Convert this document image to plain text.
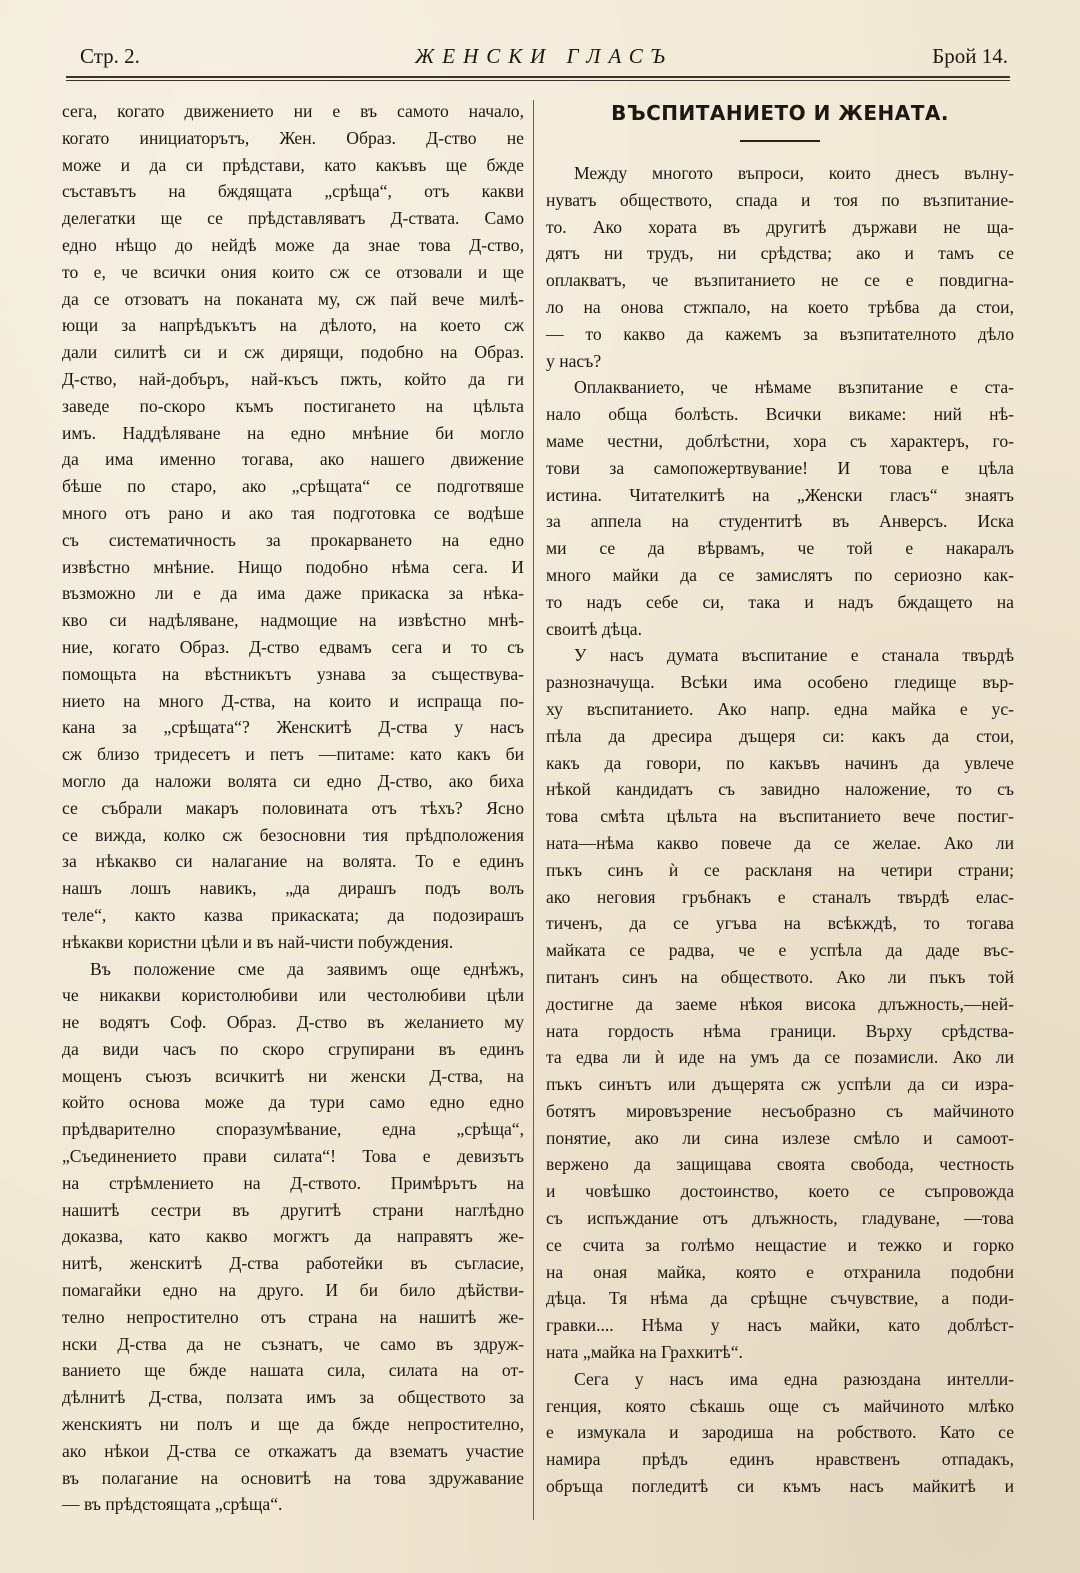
Стр. 2.	ЖЕНСКИ ГЛАСЪ	Брой 14.
сега, когато движението ни е въ самото начало,
когато инициаторътъ, Жен. Образ. Д-ство не
може и да си прѣдстави, като какъвъ ще бжде
съставътъ на бждящата „срѣща“, отъ какви
делегатки ще се прѣдставляватъ Д-ствата. Само
едно нѣщо до нейдѣ може да знае това Д-ство,
то е, че всички ония които сж се отзовали и ще
да се отзоватъ на поканата му, сж пай вече милѣ-
ющи за напрѣдъкътъ на дѣлото, на което сж
дали силитѣ си и сж дирящи, подобно на Образ.
Д-ство, най-добъръ, най-късъ пжть, който да ги
заведе по-скоро къмъ постигането на цѣльта
имъ. Наддѣляване на едно мнѣние би могло
да има именно тогава, ако нашего движение
бѣше по старо, ако „срѣщата“ се подготвяше
много отъ рано и ако тая подготовка се водѣше
съ систематичность за прокарването на едно
извѣстно мнѣние. Нищо подобно нѣма сега. И
възможно ли е да има даже прикаска за нѣка-
кво си надѣляване, надмощие на извѣстно мнѣ-
ние, когато Образ. Д-ство едвамъ сега и то съ
помощьта на вѣстникътъ узнава за съществува-
нието на много Д-ства, на които и испраща по-
кана за „срѣщата“? Женскитѣ Д-ства у насъ
сж близо тридесетъ и петъ —питаме: като какъ би
могло да наложи волята си едно Д-ство, ако биха
се събрали макаръ половината отъ тѣхъ? Ясно
се вижда, колко сж безосновни тия прѣдположения
за нѣкакво си налагание на волята. То е единъ
нашъ лошъ навикъ, „да дирашъ подъ волъ
теле“, както казва прикаската; да подозирашъ
нѣкакви користни цѣли и въ най-чисти побуждения.
Въ положение сме да заявимъ още еднѣжъ,
че никакви користолюбиви или честолюбиви цѣли
не водятъ Соф. Образ. Д-ство въ желанието му
да види часъ по скоро сгрупирани въ единъ
мощенъ съюзъ всичкитѣ ни женски Д-ства, на
който основа може да тури само едно едно
прѣдварително споразумѣвание, една „срѣща“,
„Съединението прави силата“! Това е девизътъ
на стрѣмлението на Д-ството. Примѣрътъ на
нашитѣ сестри въ другитѣ страни наглѣдно
доказва, като какво могжтъ да направятъ же-
нитѣ, женскитѣ Д-ства работейки въ съгласие,
помагайки едно на друго. И би било дѣйстви-
телно непростително отъ страна на нашитѣ же-
нски Д-ства да не съзнатъ, че само въ здруж-
ванието ще бжде нашата сила, силата на от-
дѣлнитѣ Д-ства, ползата имъ за обществото за
женскиятъ ни полъ и ще да бжде непростително,
ако нѣкои Д-ства се откажатъ да взематъ участие
въ полагание на основитѣ на това здружавание
— въ прѣдстоящата „срѣща“.
ВЪСПИТАНИЕТО И ЖЕНАТА.
Между многото въпроси, които днесъ вълну-
нуватъ обществото, спада и тоя по възпитание-
то. Ако хората въ другитѣ държави не ща-
дятъ ни трудъ, ни срѣдства; ако и тамъ се
оплакватъ, че възпитанието не се е повдигна-
ло на онова стжпало, на което трѣбва да стои,
— то какво да кажемъ за възпитателното дѣло
у насъ?
Оплакванието, че нѣмаме възпитание е ста-
нало обща болѣсть. Всички викаме: ний нѣ-
маме честни, доблѣстни, хора съ характеръ, го-
тови за самопожертвувание! И това е цѣла
истина. Читателкитѣ на „Женски гласъ“ знаятъ
за аппела на студентитѣ въ Анверсъ. Иска
ми се да вѣрвамъ, че той е накаралъ
много майки да се замислятъ по сериозно как-
то надъ себе си, така и надъ бждащето на
своитѣ дѣца.
У насъ думата въспитание е станала твърдѣ
разнозначуща. Всѣки има особено гледище вър-
ху въспитанието. Ако напр. една майка е ус-
пѣла да дресира дъщеря си: какъ да стои,
какъ да говори, по какъвъ начинъ да увлече
нѣкой кандидатъ съ завидно наложение, то съ
това смѣта цѣльта на въспитанието вече постиг-
ната—нѣма какво повече да се желае. Ако ли
пъкъ синъ ѝ се раскланя на четири страни;
ако неговия гръбнакъ е станалъ твърдѣ елас-
тиченъ, да се угъва на всѣкждѣ, то тогава
майката се радва, че е успѣла да даде въс-
питанъ синъ на обществото. Ако ли пъкъ той
достигне да заеме нѣкоя висока длъжность,—ней-
ната гордость нѣма граници. Върху срѣдства-
та едва ли ѝ иде на умъ да се позамисли. Ако ли
пъкъ синътъ или дъщерята сж успѣли да си изра-
ботятъ мировъзрение несъобразно съ майчиното
понятие, ако ли сина излезе смѣло и самоот-
вержено да защищава своята свобода, честность
и човѣшко достоинство, което се съпровожда
съ испъждание отъ длъжность, гладуване, —това
се счита за голѣмо нещастие и тежко и горко
на оная майка, която е отхранила подобни
дѣца. Тя нѣма да срѣщне съчувствие, а поди-
гравки.... Нѣма у насъ майки, като доблѣст-
ната „майка на Грахкитѣ“.
Сега у насъ има една разюздана интелли-
генция, която сѣкашь още съ майчиното млѣко
е измукала и зародиша на робството. Като се
намира прѣдъ единъ нравственъ отпадакъ,
обръща погледитѣ си къмъ насъ майкитѣ и
